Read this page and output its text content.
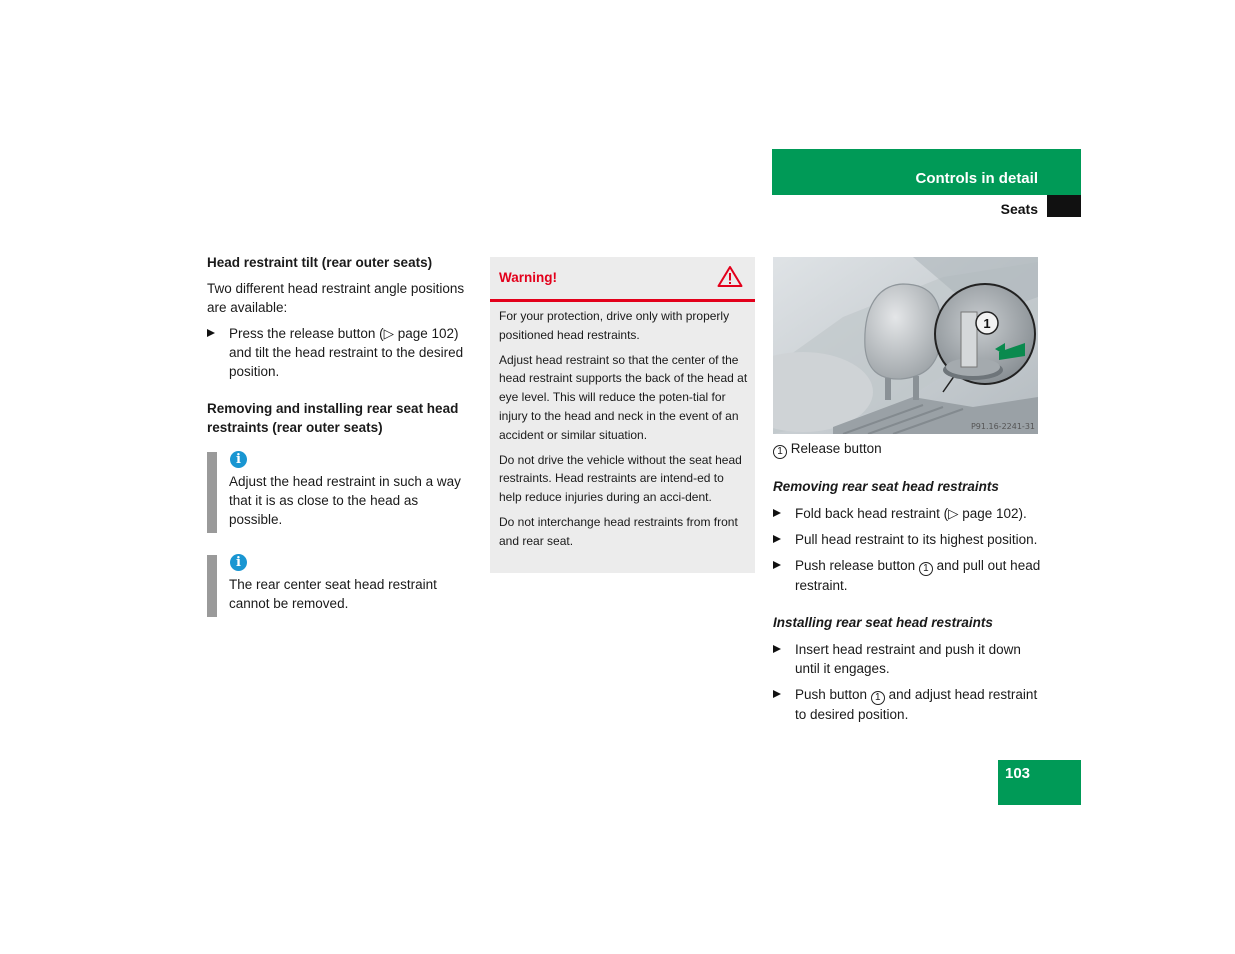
Controls in detail
Seats

Head restraint tilt (rear outer seats)

Two different head restraint angle positions are available:

Press the release button (▷ page 102) and tilt the head restraint to the desired position.

Removing and installing rear seat head restraints (rear outer seats)

i
Adjust the head restraint in such a way that it is as close to the head as possible.
i
The rear center seat head restraint cannot be removed.
Warning!

For your protection, drive only with properly positioned head restraints.

Adjust head restraint so that the center of the head restraint supports the back of the head at eye level. This will reduce the poten-tial for injury to the head and neck in the event of an accident or similar situation.

Do not drive the vehicle without the seat head restraints. Head restraints are intend-ed to help reduce injuries during an acci-dent.

Do not interchange head restraints from front and rear seat.

1
P91.16-2241-31
1 Release button

Removing rear seat head restraints

Fold back head restraint (▷ page 102).
Pull head restraint to its highest position.
Push release button 1 and pull out head restraint.

Installing rear seat head restraints

Insert head restraint and push it down until it engages.
Push button 1 and adjust head restraint to desired position.
103
